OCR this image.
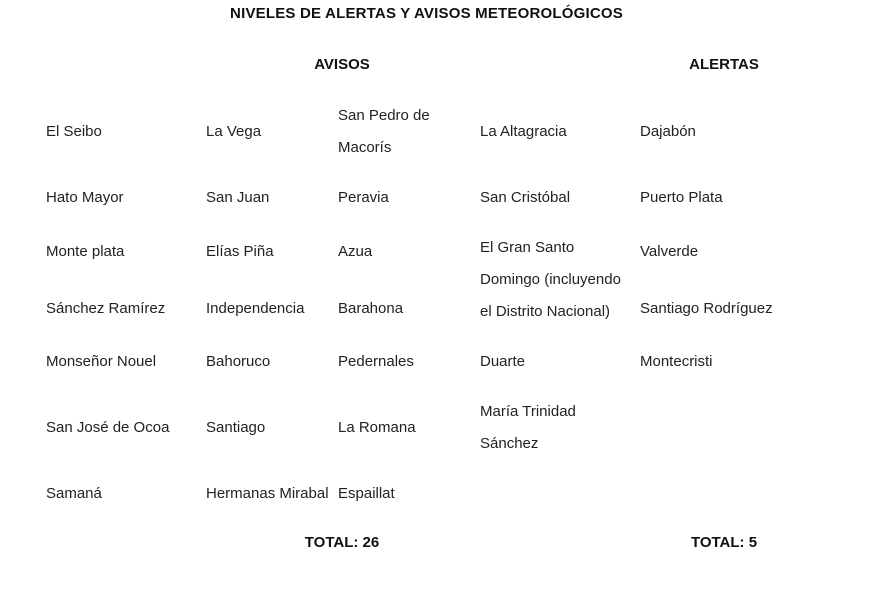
NIVELES DE ALERTAS Y AVISOS METEOROLÓGICOS
AVISOS	ALERTAS
El Seibo
Hato Mayor
Monte plata
Sánchez Ramírez
Monseñor Nouel
San José de Ocoa
Samaná
La Vega
San Juan
Elías Piña
Independencia
Bahoruco
Santiago
Hermanas Mirabal
San Pedro de Macorís
Peravia
Azua
Barahona
Pedernales
La Romana
Espaillat
La Altagracia
San Cristóbal
El Gran Santo Domingo (incluyendo el Distrito Nacional)
Duarte
María Trinidad Sánchez
Dajabón
Puerto Plata
Valverde
Santiago Rodríguez
Montecristi
TOTAL: 26	TOTAL: 5
